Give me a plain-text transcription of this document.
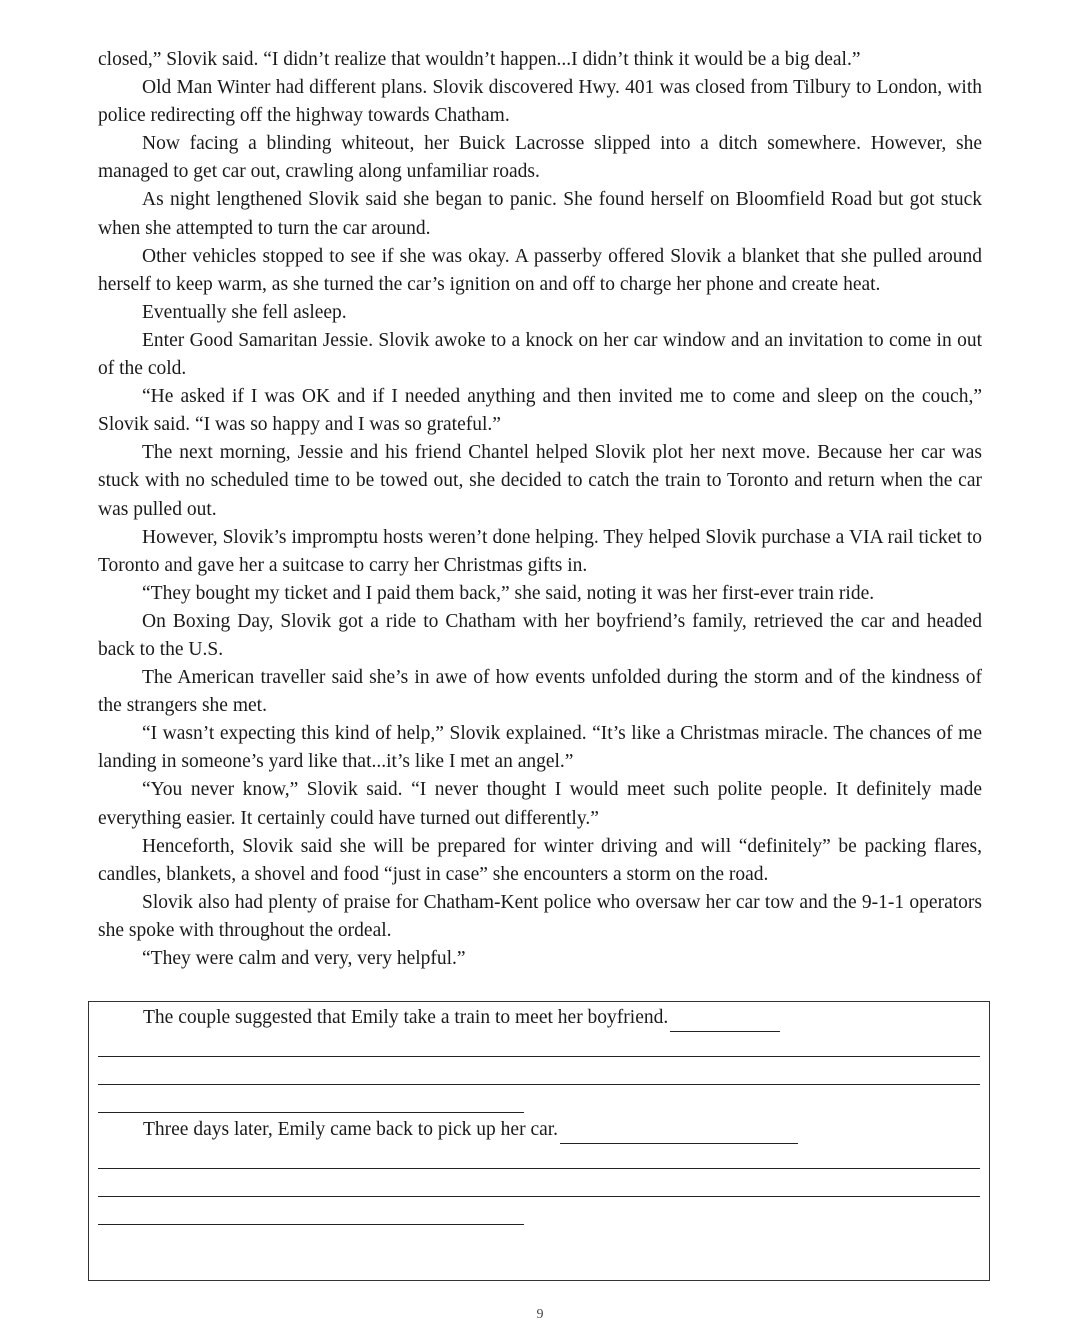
closed,” Slovik said. “I didn’t realize that wouldn’t happen...I didn’t think it would be a big deal.”

Old Man Winter had different plans. Slovik discovered Hwy. 401 was closed from Tilbury to London, with police redirecting off the highway towards Chatham.

Now facing a blinding whiteout, her Buick Lacrosse slipped into a ditch somewhere. However, she managed to get car out, crawling along unfamiliar roads.

As night lengthened Slovik said she began to panic. She found herself on Bloomfield Road but got stuck when she attempted to turn the car around.

Other vehicles stopped to see if she was okay. A passerby offered Slovik a blanket that she pulled around herself to keep warm, as she turned the car’s ignition on and off to charge her phone and create heat.

Eventually she fell asleep.

Enter Good Samaritan Jessie. Slovik awoke to a knock on her car window and an invitation to come in out of the cold.

“He asked if I was OK and if I needed anything and then invited me to come and sleep on the couch,” Slovik said. “I was so happy and I was so grateful.”

The next morning, Jessie and his friend Chantel helped Slovik plot her next move. Because her car was stuck with no scheduled time to be towed out, she decided to catch the train to Toronto and return when the car was pulled out.

However, Slovik’s impromptu hosts weren’t done helping. They helped Slovik purchase a VIA rail ticket to Toronto and gave her a suitcase to carry her Christmas gifts in.

“They bought my ticket and I paid them back,” she said, noting it was her first-ever train ride.

On Boxing Day, Slovik got a ride to Chatham with her boyfriend’s family, retrieved the car and headed back to the U.S.

The American traveller said she’s in awe of how events unfolded during the storm and of the kindness of the strangers she met.

“I wasn’t expecting this kind of help,” Slovik explained. “It’s like a Christmas miracle. The chances of me landing in someone’s yard like that...it’s like I met an angel.”

“You never know,” Slovik said. “I never thought I would meet such polite people. It definitely made everything easier. It certainly could have turned out differently.”

Henceforth, Slovik said she will be prepared for winter driving and will “definitely” be packing flares, candles, blankets, a shovel and food “just in case” she encounters a storm on the road.

Slovik also had plenty of praise for Chatham-Kent police who oversaw her car tow and the 9-1-1 operators she spoke with throughout the ordeal.

“They were calm and very, very helpful.”

The couple suggested that Emily take a train to meet her boyfriend.
Three days later, Emily came back to pick up her car.
9
